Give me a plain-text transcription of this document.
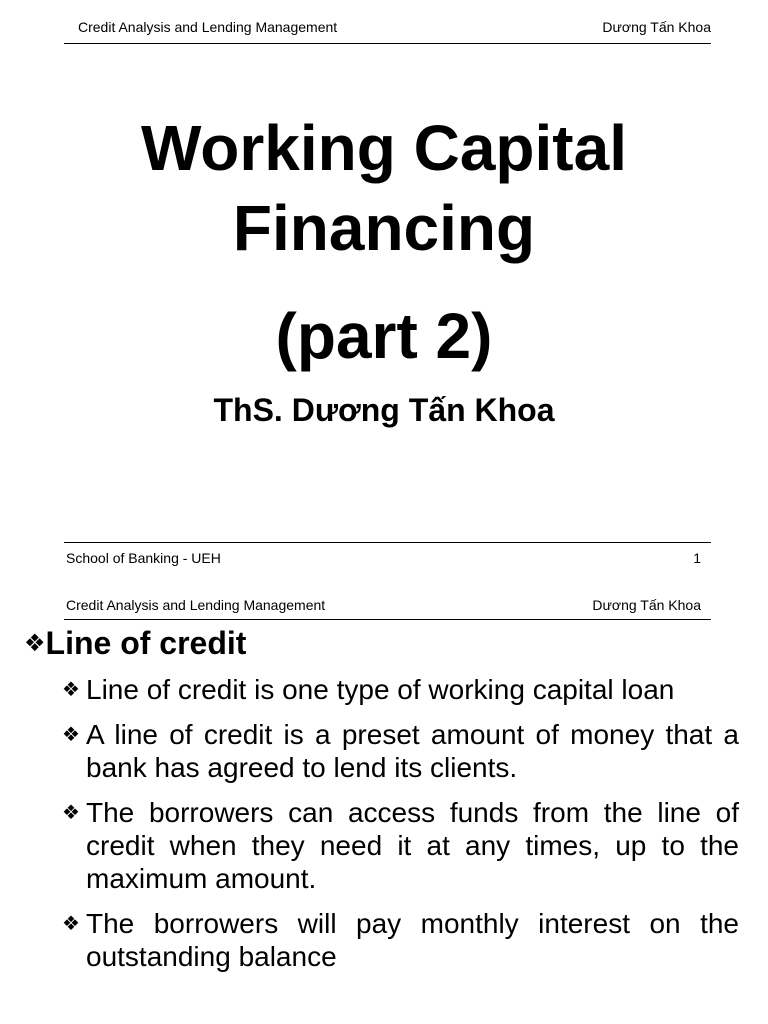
Credit Analysis and Lending Management	Dương Tấn Khoa
Working Capital
Financing
(part 2)
ThS. Dương Tấn Khoa
School of Banking - UEH	1
Credit Analysis and Lending Management	Dương Tấn Khoa
❖Line of credit
❖ Line of credit is one type of working capital loan
❖ A line of credit is a preset amount of money that a bank has agreed to lend its clients.
❖ The borrowers can access funds from the line of credit when they need it at any times, up to the maximum amount.
❖ The borrowers will pay monthly interest on the outstanding balance
